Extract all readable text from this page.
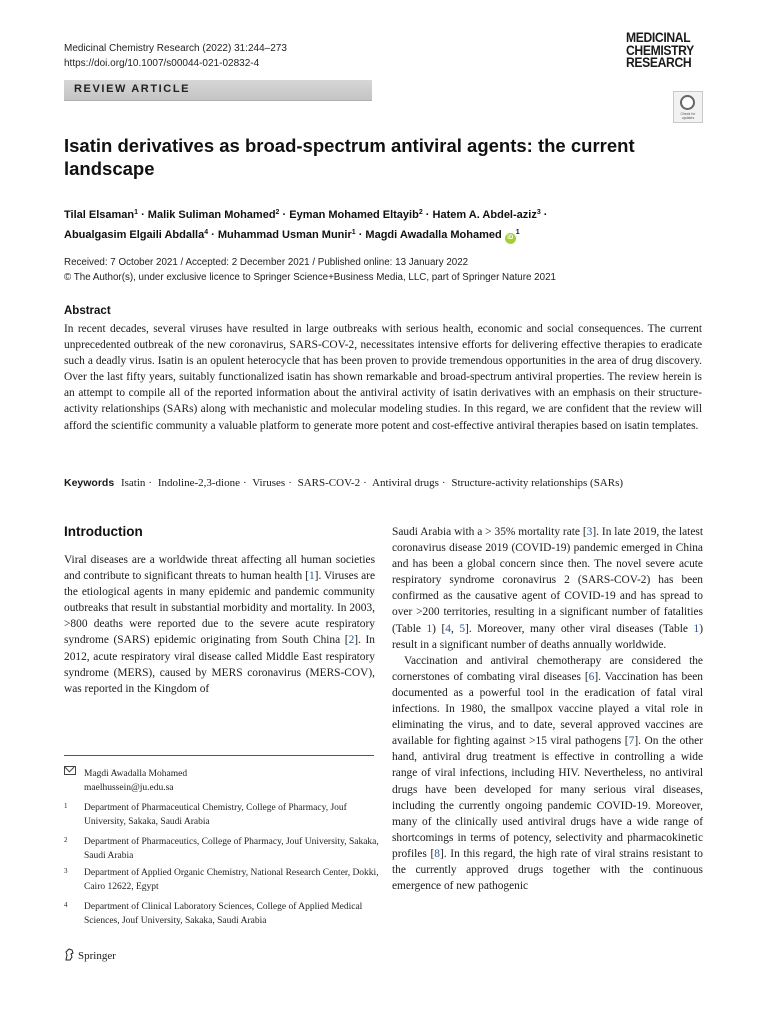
Medicinal Chemistry Research (2022) 31:244–273
https://doi.org/10.1007/s00044-021-02832-4
MEDICINAL
CHEMISTRY
RESEARCH
REVIEW ARTICLE
Check for updates
Isatin derivatives as broad-spectrum antiviral agents: the current landscape
Tilal Elsaman$^1$ · Malik Suliman Mohamed$^2$ · Eyman Mohamed Eltayib$^2$ · Hatem A. Abdel-aziz$^3$ ·
Abualgasim Elgaili Abdalla$^4$ · Muhammad Usman Munir$^1$ · Magdi Awadalla Mohamed $iD^1$
Received: 7 October 2021 / Accepted: 2 December 2021 / Published online: 13 January 2022
© The Author(s), under exclusive licence to Springer Science+Business Media, LLC, part of Springer Nature 2021
Abstract

In recent decades, several viruses have resulted in large outbreaks with serious health, economic and social consequences. The current unprecedented outbreak of the new coronavirus, SARS-COV-2, necessitates intensive efforts for delivering effective therapies to eradicate such a deadly virus. Isatin is an opulent heterocycle that has been proven to provide tremendous opportunities in the area of drug discovery. Over the last fifty years, suitably functionalized isatin has shown remarkable and broad-spectrum antiviral properties. The review herein is an attempt to compile all of the reported information about the antiviral activity of isatin derivatives with an emphasis on their structure-activity relationships (SARs) along with mechanistic and molecular modeling studies. In this regard, we are confident that the review will afford the scientific community a valuable platform to generate more potent and cost-effective antiviral therapies based on isatin templates.

Keywords Isatin · Indoline-2,3-dione · Viruses · SARS-COV-2 · Antiviral drugs · Structure-activity relationships (SARs)
Introduction

Viral diseases are a worldwide threat affecting all human societies and contribute to significant threats to human health [1]. Viruses are the etiological agents in many epidemic and pandemic community outbreaks that result in substantial morbidity and mortality. In 2003, >800 deaths were reported due to the severe acute respiratory syndrome (SARS) epidemic originating from South China [2]. In 2012, acute respiratory viral disease called Middle East respiratory syndrome (MERS), caused by MERS coronavirus (MERS-COV), was reported in the Kingdom of

Saudi Arabia with a > 35% mortality rate [3]. In late 2019, the latest coronavirus disease 2019 (COVID-19) pandemic emerged in China and has been a global concern since then. The novel severe acute respiratory syndrome coronavirus 2 (SARS-COV-2) has been confirmed as the causative agent of COVID-19 and has spread to over >200 territories, resulting in a significant number of fatalities (Table 1) [4, 5]. Moreover, many other viral diseases (Table 1) result in a significant number of deaths annually worldwide.

Vaccination and antiviral chemotherapy are considered the cornerstones of combating viral diseases [6]. Vaccination has been documented as a powerful tool in the eradication of fatal viral infections. In 1980, the smallpox vaccine played a vital role in eliminating the virus, and to date, several approved vaccines are available for fighting against >15 viral pathogens [7]. On the other hand, antiviral drug treatment is effective in controlling a wide range of viral infections, including HIV. Nevertheless, no antiviral drugs have been developed for many serious viral diseases, including the currently ongoing pandemic COVID-19. Moreover, many of the clinically used antiviral drugs have a wide range of shortcomings in terms of potency, selectivity and pharmacokinetic profiles [8]. In this regard, the high rate of viral strains resistant to the currently approved drugs together with the continuous emergence of new pathogenic

Magdi Awadalla Mohamed
maelhussein@ju.edu.sa
1 Department of Pharmaceutical Chemistry, College of Pharmacy, Jouf University, Sakaka, Saudi Arabia
2 Department of Pharmaceutics, College of Pharmacy, Jouf University, Sakaka, Saudi Arabia
3 Department of Applied Organic Chemistry, National Research Center, Dokki, Cairo 12622, Egypt
4 Department of Clinical Laboratory Sciences, College of Applied Medical Sciences, Jouf University, Sakaka, Saudi Arabia
Springer
